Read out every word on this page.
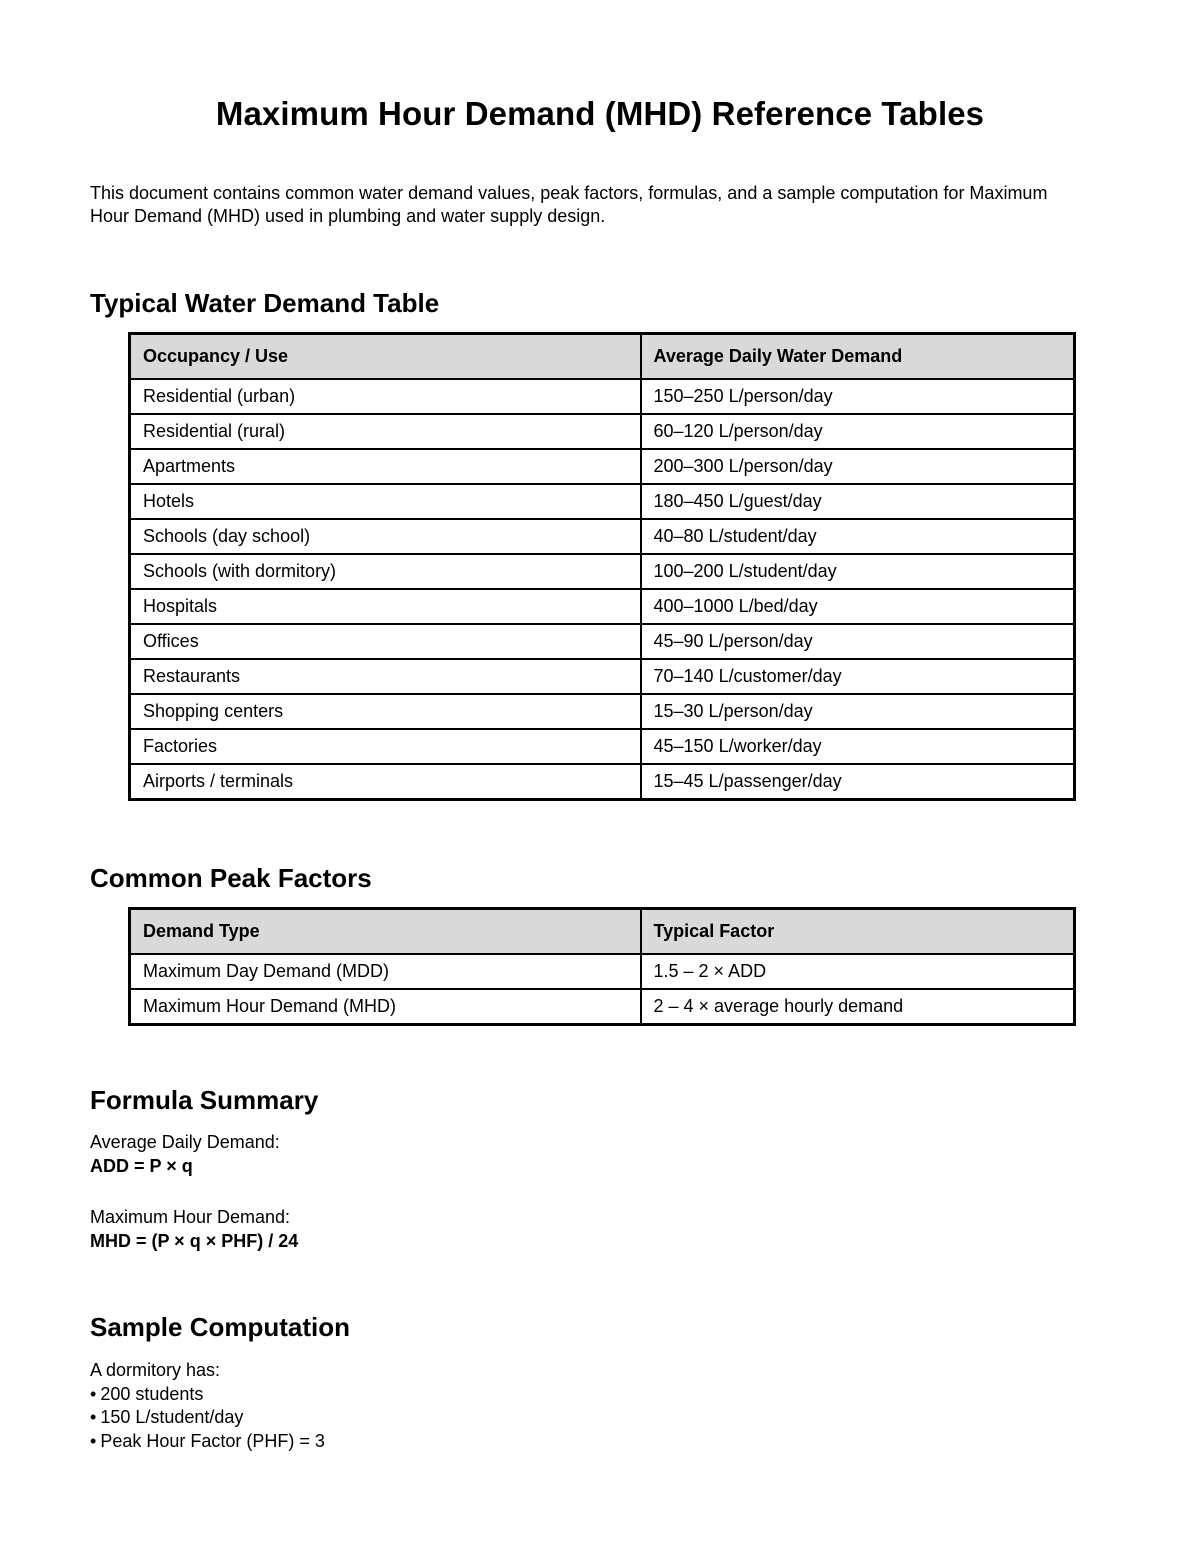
Maximum Hour Demand (MHD) Reference Tables

This document contains common water demand values, peak factors, formulas, and a sample computation for Maximum Hour Demand (MHD) used in plumbing and water supply design.

Typical Water Demand Table
Occupancy / Use	Average Daily Water Demand
Residential (urban)	150–250 L/person/day
Residential (rural)	60–120 L/person/day
Apartments	200–300 L/person/day
Hotels	180–450 L/guest/day
Schools (day school)	40–80 L/student/day
Schools (with dormitory)	100–200 L/student/day
Hospitals	400–1000 L/bed/day
Offices	45–90 L/person/day
Restaurants	70–140 L/customer/day
Shopping centers	15–30 L/person/day
Factories	45–150 L/worker/day
Airports / terminals	15–45 L/passenger/day
Common Peak Factors
Demand Type	Typical Factor
Maximum Day Demand (MDD)	1.5 – 2 × ADD
Maximum Hour Demand (MHD)	2 – 4 × average hourly demand
Formula Summary
Average Daily Demand:
ADD = P × q
Maximum Hour Demand:
MHD = (P × q × PHF) / 24
Sample Computation
A dormitory has:
• 200 students
• 150 L/student/day
• Peak Hour Factor (PHF) = 3
